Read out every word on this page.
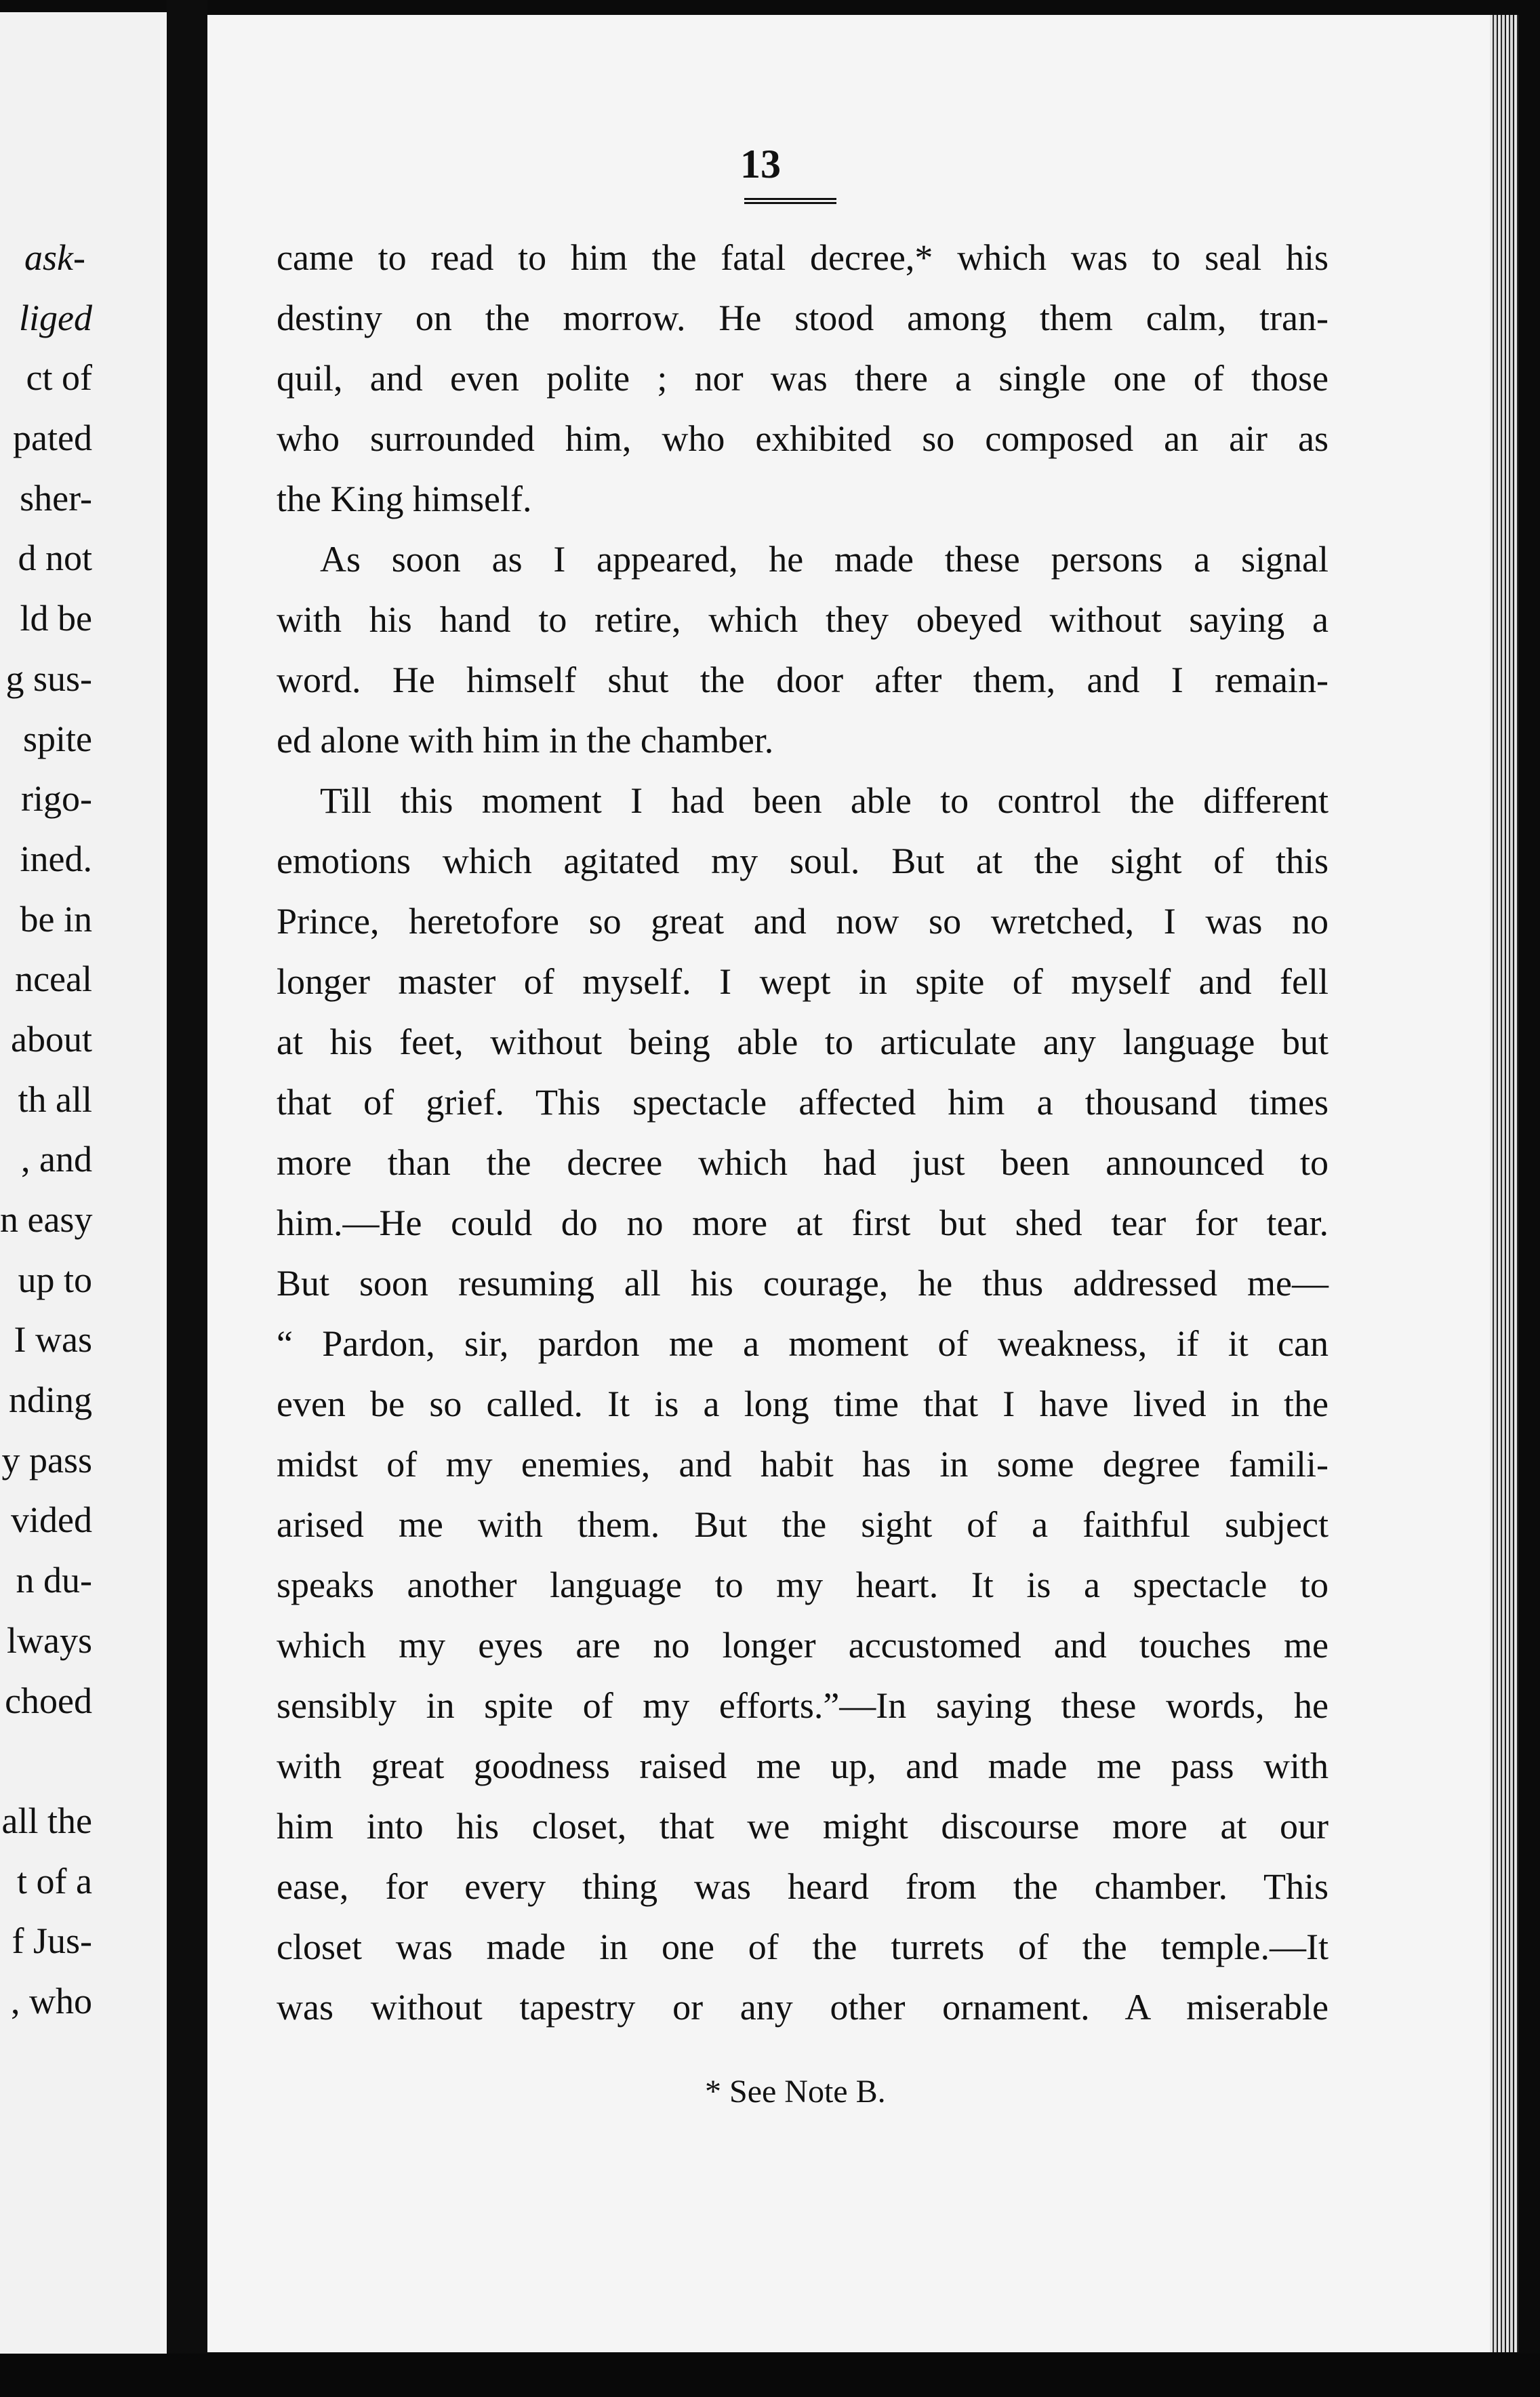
ask-
liged
ct of
pated
sher-
d not
ld be
g sus-
spite
rigo-
ined.
be in
nceal
about
th all
, and
n easy
up to
I was
nding
y pass
vided
n du-
lways
choed
all the
t of a
f Jus-
, who
13
came to read to him the fatal decree,* which was to seal his
destiny on the morrow. He stood among them calm, tran-
quil, and even polite ; nor was there a single one of those
who surrounded him, who exhibited so composed an air as
the King himself.
As soon as I appeared, he made these persons a signal
with his hand to retire, which they obeyed without saying a
word. He himself shut the door after them, and I remain-
ed alone with him in the chamber.
Till this moment I had been able to control the different
emotions which agitated my soul. But at the sight of this
Prince, heretofore so great and now so wretched, I was no
longer master of myself. I wept in spite of myself and fell
at his feet, without being able to articulate any language but
that of grief. This spectacle affected him a thousand times
more than the decree which had just been announced to
him.—He could do no more at first but shed tear for tear.
But soon resuming all his courage, he thus addressed me—
“ Pardon, sir, pardon me a moment of weakness, if it can
even be so called. It is a long time that I have lived in the
midst of my enemies, and habit has in some degree famili-
arised me with them. But the sight of a faithful subject
speaks another language to my heart. It is a spectacle to
which my eyes are no longer accustomed and touches me
sensibly in spite of my efforts.”—In saying these words, he
with great goodness raised me up, and made me pass with
him into his closet, that we might discourse more at our
ease, for every thing was heard from the chamber. This
closet was made in one of the turrets of the temple.—It
was without tapestry or any other ornament. A miserable
* See Note B.
